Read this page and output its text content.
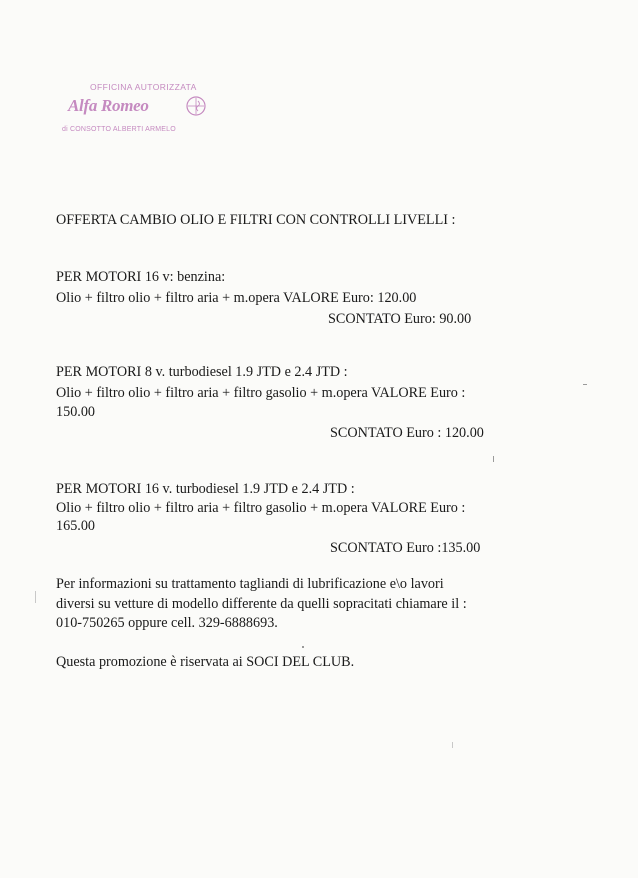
OFFICINA AUTORIZZATA
Alfa Romeo
di CONSOTTO ALBERTI ARMELO
OFFERTA CAMBIO OLIO E FILTRI CON CONTROLLI LIVELLI :
PER MOTORI 16 v: benzina:
Olio + filtro olio + filtro aria + m.opera VALORE Euro: 120.00
SCONTATO Euro: 90.00
PER MOTORI 8 v. turbodiesel 1.9 JTD e 2.4 JTD :
Olio + filtro olio + filtro aria + filtro gasolio + m.opera VALORE Euro :
150.00
SCONTATO Euro : 120.00
PER MOTORI 16 v. turbodiesel 1.9 JTD e 2.4 JTD :
Olio + filtro olio + filtro aria + filtro gasolio + m.opera VALORE Euro :
165.00
SCONTATO Euro :135.00
Per informazioni su trattamento tagliandi di lubrificazione e\o lavori
diversi su vetture di modello differente da quelli sopracitati chiamare il :
010-750265 oppure cell. 329-6888693.
Questa promozione è riservata ai SOCI DEL CLUB.
